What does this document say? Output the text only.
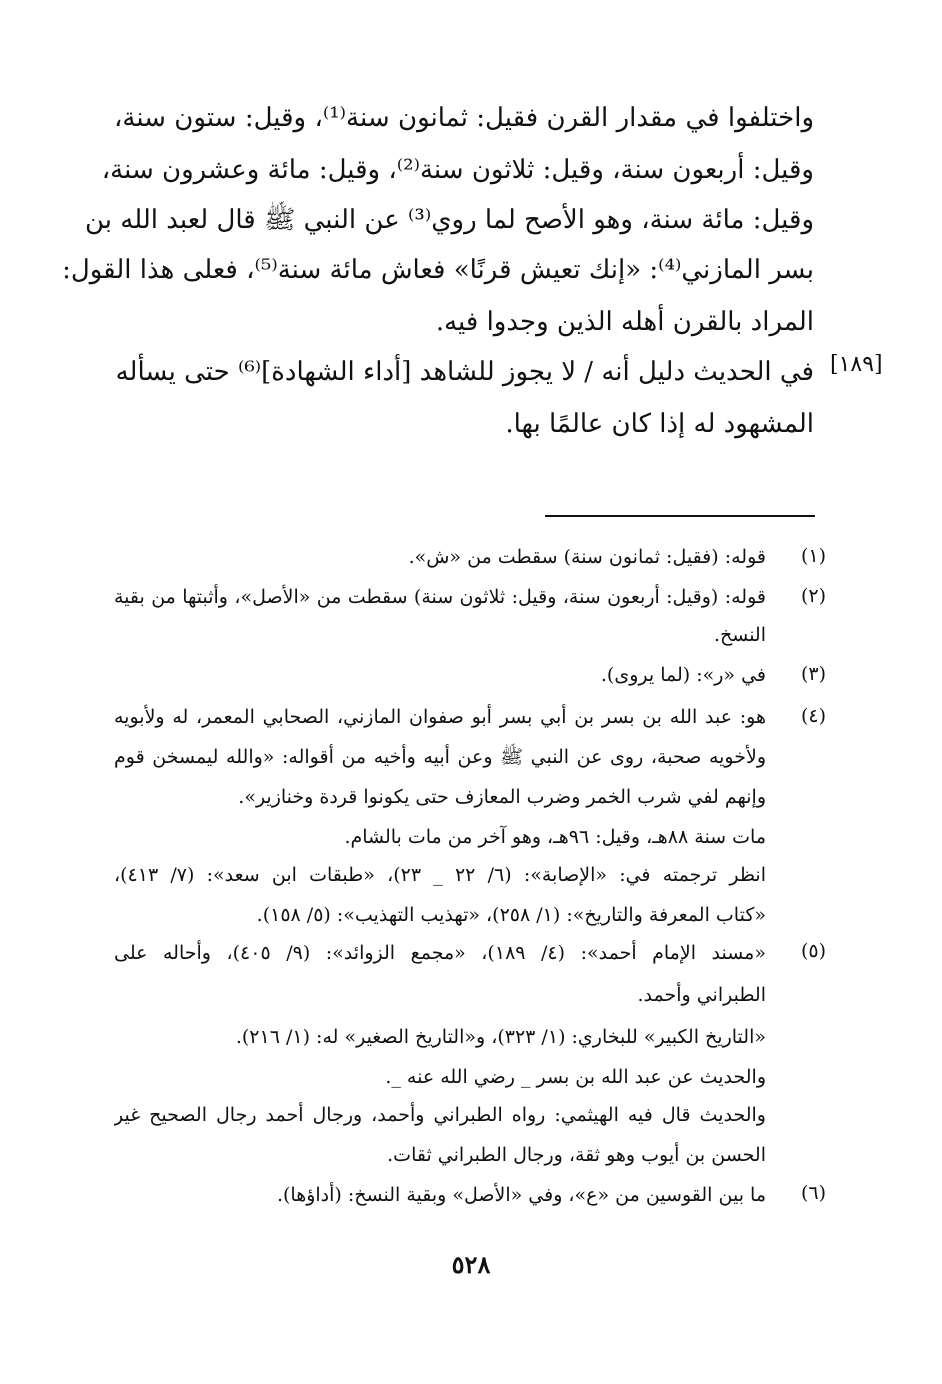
واختلفوا في مقدار القرن فقيل: ثمانون سنة⁽¹⁾، وقيل: ستون سنة،
وقيل: أربعون سنة، وقيل: ثلاثون سنة⁽²⁾، وقيل: مائة وعشرون سنة،
وقيل: مائة سنة، وهو الأصح لما روي⁽³⁾ عن النبي ﷺ قال لعبد الله بن
بسر المازني⁽⁴⁾: «إنك تعيش قرنًا» فعاش مائة سنة⁽⁵⁾، فعلى هذا القول:
المراد بالقرن أهله الذين وجدوا فيه.
في الحديث دليل أنه / لا يجوز للشاهد [أداء الشهادة]⁽⁶⁾ حتى يسأله
المشهود له إذا كان عالمًا بها.
[١٨٩]
(١)
(٢)
(٣)
(٤)
(٥)
(٦)
قوله: (فقيل: ثمانون سنة) سقطت من «ش».
قوله: (وقيل: أربعون سنة، وقيل: ثلاثون سنة) سقطت من «الأصل»، وأثبتها من بقية
النسخ.
في «ر»: (لما يروى).
هو: عبد الله بن بسر بن أبي بسر أبو صفوان المازني، الصحابي المعمر، له ولأبويه
ولأخويه صحبة، روى عن النبي ﷺ وعن أبيه وأخيه من أقواله: «والله ليمسخن قوم
وإنهم لفي شرب الخمر وضرب المعازف حتى يكونوا قردة وخنازير».
مات سنة ٨٨هـ، وقيل: ٩٦هـ، وهو آخر من مات بالشام.
انظر ترجمته في: «الإصابة»: (٦/ ٢٢ _ ٢٣)، «طبقات ابن سعد»: (٧/ ٤١٣)،
«كتاب المعرفة والتاريخ»: (١/ ٢٥٨)، «تهذيب التهذيب»: (٥/ ١٥٨).
«مسند الإمام أحمد»: (٤/ ١٨٩)، «مجمع الزوائد»: (٩/ ٤٠٥)، وأحاله على
الطبراني وأحمد.
«التاريخ الكبير» للبخاري: (١/ ٣٢٣)، و«التاريخ الصغير» له: (١/ ٢١٦).
والحديث عن عبد الله بن بسر _ رضي الله عنه _.
والحديث قال فيه الهيثمي: رواه الطبراني وأحمد، ورجال أحمد رجال الصحيح غير
الحسن بن أيوب وهو ثقة، ورجال الطبراني ثقات.
ما بين القوسين من «ع»، وفي «الأصل» وبقية النسخ: (أداؤها).
٥٢٨
